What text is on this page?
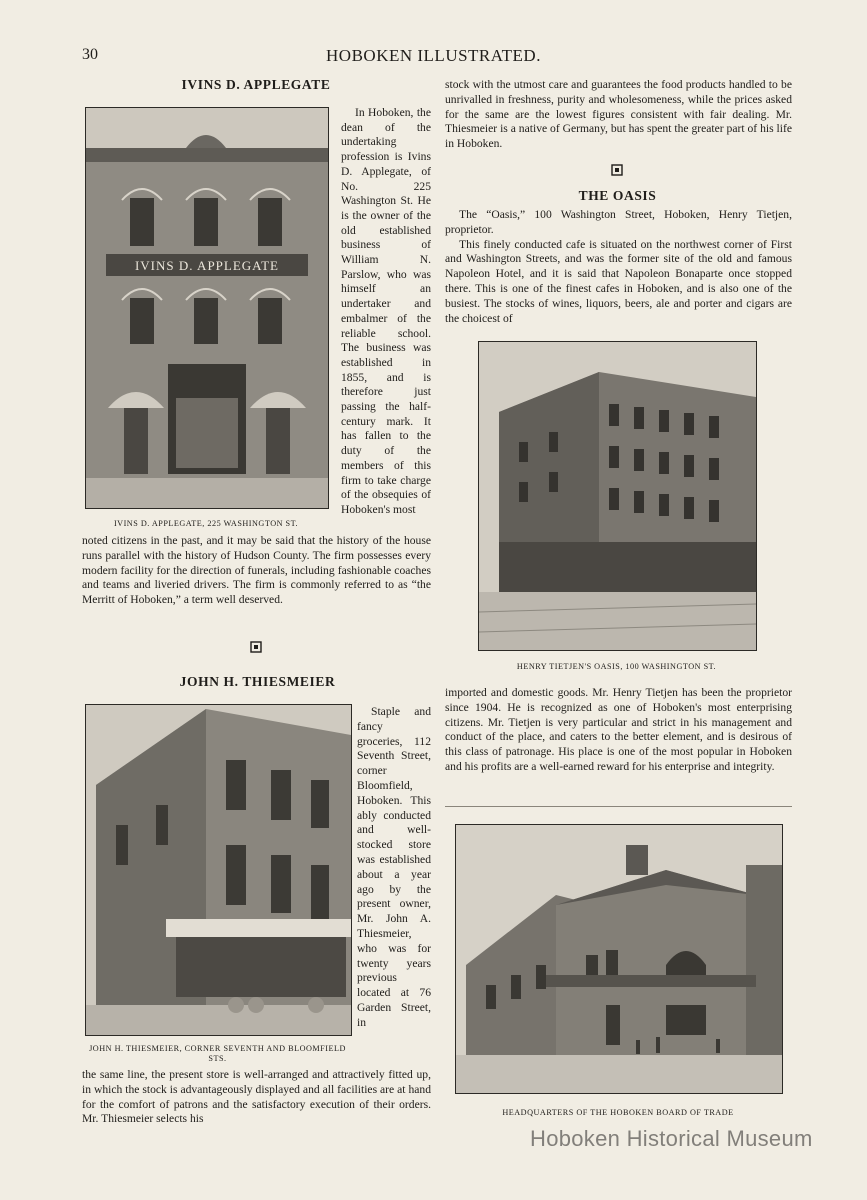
30	HOBOKEN ILLUSTRATED.
IVINS D. APPLEGATE
IVINS D. APPLEGATE

In Hoboken, the dean of the undertaking profession is Ivins D. Applegate, of No. 225 Washington St. He is the owner of the old established business of William N. Parslow, who was himself an undertaker and embalmer of the reliable school. The business was established in 1855, and is therefore just passing the half-century mark. It has fallen to the duty of the members of this firm to take charge of the obsequies of Hoboken's most

IVINS D. APPLEGATE, 225 WASHINGTON ST.

noted citizens in the past, and it may be said that the history of the house runs parallel with the history of Hudson County. The firm possesses every modern facility for the direction of funerals, including fashionable coaches and teams and liveried drivers. The firm is commonly referred to as “the Merritt of Hoboken,” a term well deserved.

JOHN H. THIESMEIER

Staple and fancy groceries, 112 Seventh Street, corner Bloomfield, Hoboken. This ably conducted and well-stocked store was established about a year ago by the present owner, Mr. John A. Thiesmeier, who was for twenty years previous located at 76 Garden Street, in

JOHN H. THIESMEIER, CORNER SEVENTH AND BLOOMFIELD STS.

the same line, the present store is well-arranged and attractively fitted up, in which the stock is advantageously displayed and all facilities are at hand for the comfort of patrons and the satisfactory execution of their orders. Mr. Thiesmeier selects his

stock with the utmost care and guarantees the food products handled to be unrivalled in freshness, purity and wholesomeness, while the prices asked for the same are the lowest figures consistent with fair dealing. Mr. Thiesmeier is a native of Germany, but has spent the greater part of his life in Hoboken.

THE OASIS

The “Oasis,” 100 Washington Street, Hoboken, Henry Tietjen, proprietor.

This finely conducted cafe is situated on the northwest corner of First and Washington Streets, and was the former site of the old and famous Napoleon Hotel, and it is said that Napoleon Bonaparte once stopped there. This is one of the finest cafes in Hoboken, and is also one of the busiest. The stocks of wines, liquors, beers, ale and porter and cigars are the choicest of

HENRY TIETJEN'S OASIS, 100 WASHINGTON ST.

imported and domestic goods. Mr. Henry Tietjen has been the proprietor since 1904. He is recognized as one of Hoboken's most enterprising citizens. Mr. Tietjen is very particular and strict in his management and conduct of the place, and caters to the better element, and is desirous of this class of patronage. His place is one of the most popular in Hoboken and his profits are a well-earned reward for his enterprise and integrity.

HEADQUARTERS OF THE HOBOKEN BOARD OF TRADE
Hoboken Historical Museum
